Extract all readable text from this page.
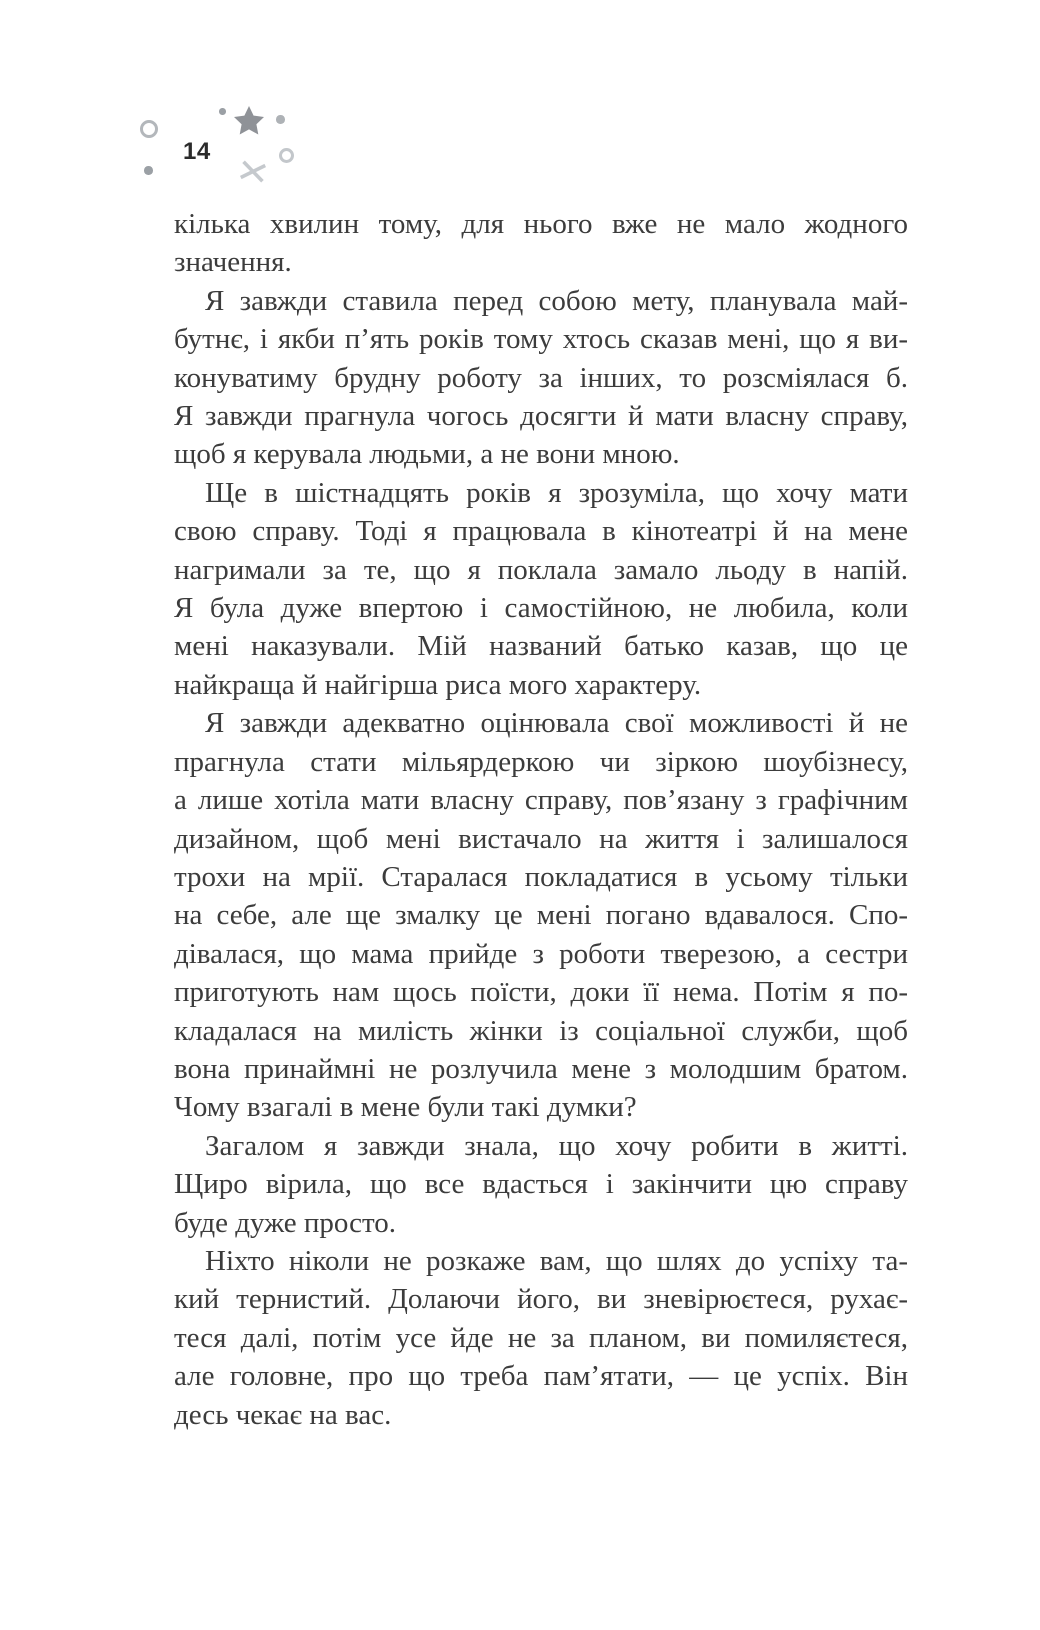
14
кілька хвилин тому, для нього вже не мало жодного
значення.
Я завжди ставила перед собою мету, планувала май-
бутнє, і якби п’ять років тому хтось сказав мені, що я ви-
конуватиму брудну роботу за інших, то розсміялася б.
Я завжди прагнула чогось досягти й мати власну справу,
щоб я керувала людьми, а не вони мною.
Ще в шістнадцять років я зрозуміла, що хочу мати
свою справу. Тоді я працювала в кінотеатрі й на мене
нагримали за те, що я поклала замало льоду в напій.
Я була дуже впертою і самостійною, не любила, коли
мені наказували. Мій названий батько казав, що це
найкраща й найгірша риса мого характеру.
Я завжди адекватно оцінювала свої можливості й не
прагнула стати мільярдеркою чи зіркою шоубізнесу,
а лише хотіла мати власну справу, пов’язану з графічним
дизайном, щоб мені вистачало на життя і залишалося
трохи на мрії. Старалася покладатися в усьому тільки
на себе, але ще змалку це мені погано вдавалося. Спо-
дівалася, що мама прийде з роботи тверезою, а сестри
приготують нам щось поїсти, доки її нема. Потім я по-
кладалася на милість жінки із соціальної служби, щоб
вона принаймні не розлучила мене з молодшим братом.
Чому взагалі в мене були такі думки?
Загалом я завжди знала, що хочу робити в житті.
Щиро вірила, що все вдасться і закінчити цю справу
буде дуже просто.
Ніхто ніколи не розкаже вам, що шлях до успіху та-
кий тернистий. Долаючи його, ви зневірюєтеся, рухає-
теся далі, потім усе йде не за планом, ви помиляєтеся,
але головне, про що треба пам’ятати, — це успіх. Він
десь чекає на вас.
